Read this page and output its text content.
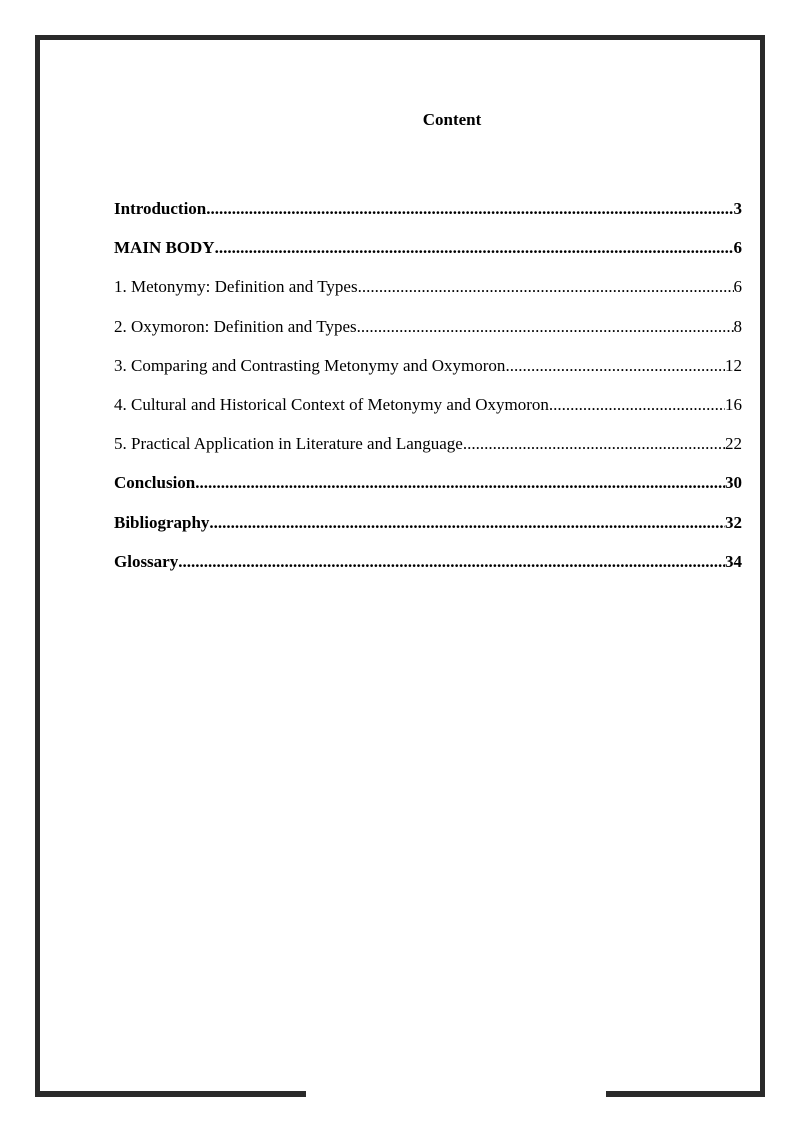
Content
Introduction .....	3
MAIN BODY .....	6
1. Metonymy: Definition and Types .....	6
2. Oxymoron: Definition and Types .....	8
3. Comparing and Contrasting Metonymy and Oxymoron .....	12
4. Cultural and Historical Context of Metonymy and Oxymoron .....	16
5. Practical Application in Literature and Language .....	22
Conclusion .....	30
Bibliography .....	32
Glossary .....	34
